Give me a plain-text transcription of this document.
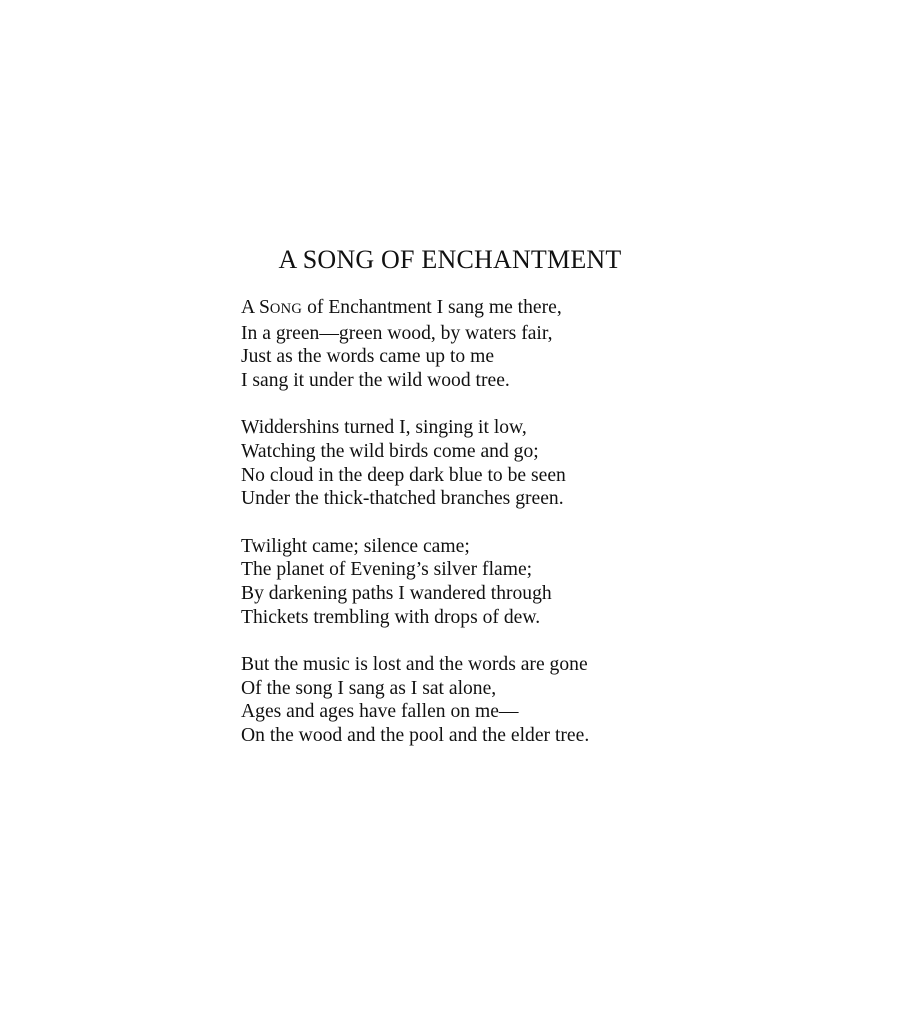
A SONG OF ENCHANTMENT
A SONG of Enchantment I sang me there,
In a green—green wood, by waters fair,
Just as the words came up to me
I sang it under the wild wood tree.
Widdershins turned I, singing it low,
Watching the wild birds come and go;
No cloud in the deep dark blue to be seen
Under the thick-thatched branches green.
Twilight came; silence came;
The planet of Evening’s silver flame;
By darkening paths I wandered through
Thickets trembling with drops of dew.
But the music is lost and the words are gone
Of the song I sang as I sat alone,
Ages and ages have fallen on me—
On the wood and the pool and the elder tree.
